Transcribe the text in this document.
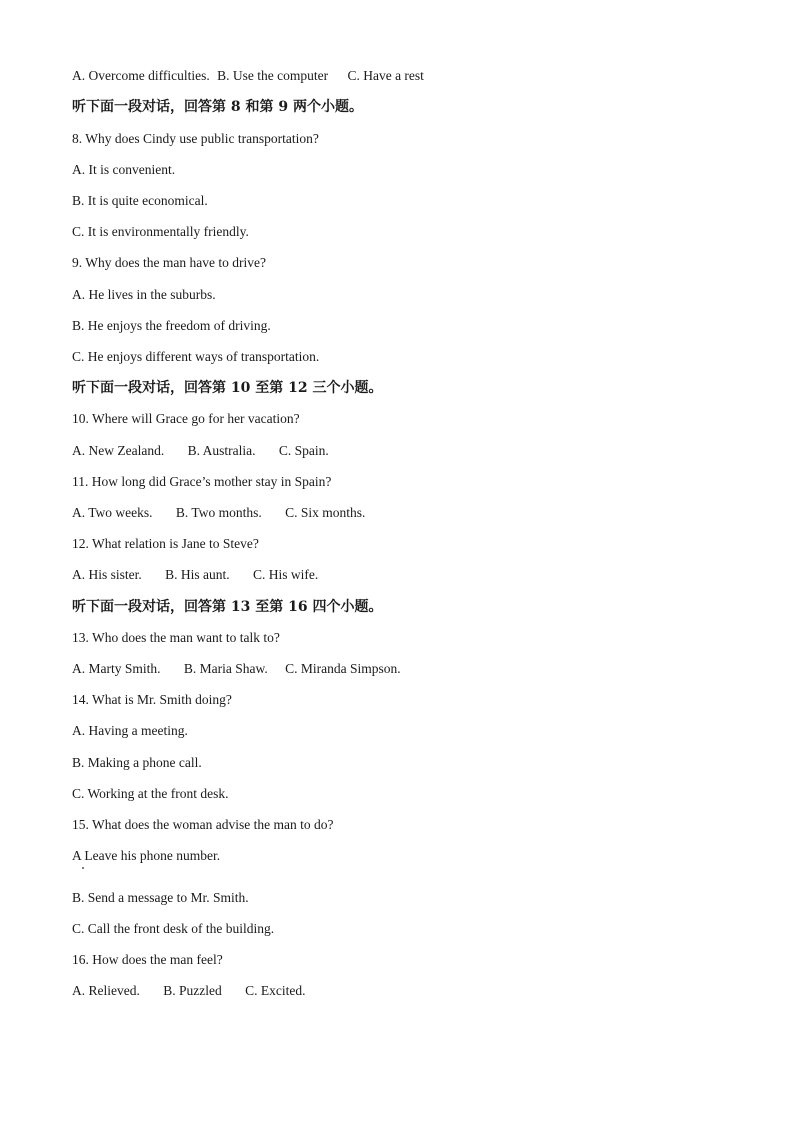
A. Overcome difficulties. B. Use the computer C. Have a rest
听下面一段对话，回答第 8 和第 9 两个小题。
8. Why does Cindy use public transportation?
A. It is convenient.
B. It is quite economical.
C. It is environmentally friendly.
9. Why does the man have to drive?
A. He lives in the suburbs.
B. He enjoys the freedom of driving.
C. He enjoys different ways of transportation.
听下面一段对话，回答第 10 至第 12 三个小题。
10. Where will Grace go for her vacation?
A. New Zealand. B. Australia. C. Spain.
11. How long did Grace’s mother stay in Spain?
A. Two weeks. B. Two months. C. Six months.
12. What relation is Jane to Steve?
A. His sister. B. His aunt. C. His wife.
听下面一段对话，回答第 13 至第 16 四个小题。
13. Who does the man want to talk to?
A. Marty Smith. B. Maria Shaw. C. Miranda Simpson.
14. What is Mr. Smith doing?
A. Having a meeting.
B. Making a phone call.
C. Working at the front desk.
15. What does the woman advise the man to do?
A Leave his phone number.
B. Send a message to Mr. Smith.
C. Call the front desk of the building.
16. How does the man feel?
A. Relieved. B. Puzzled C. Excited.
